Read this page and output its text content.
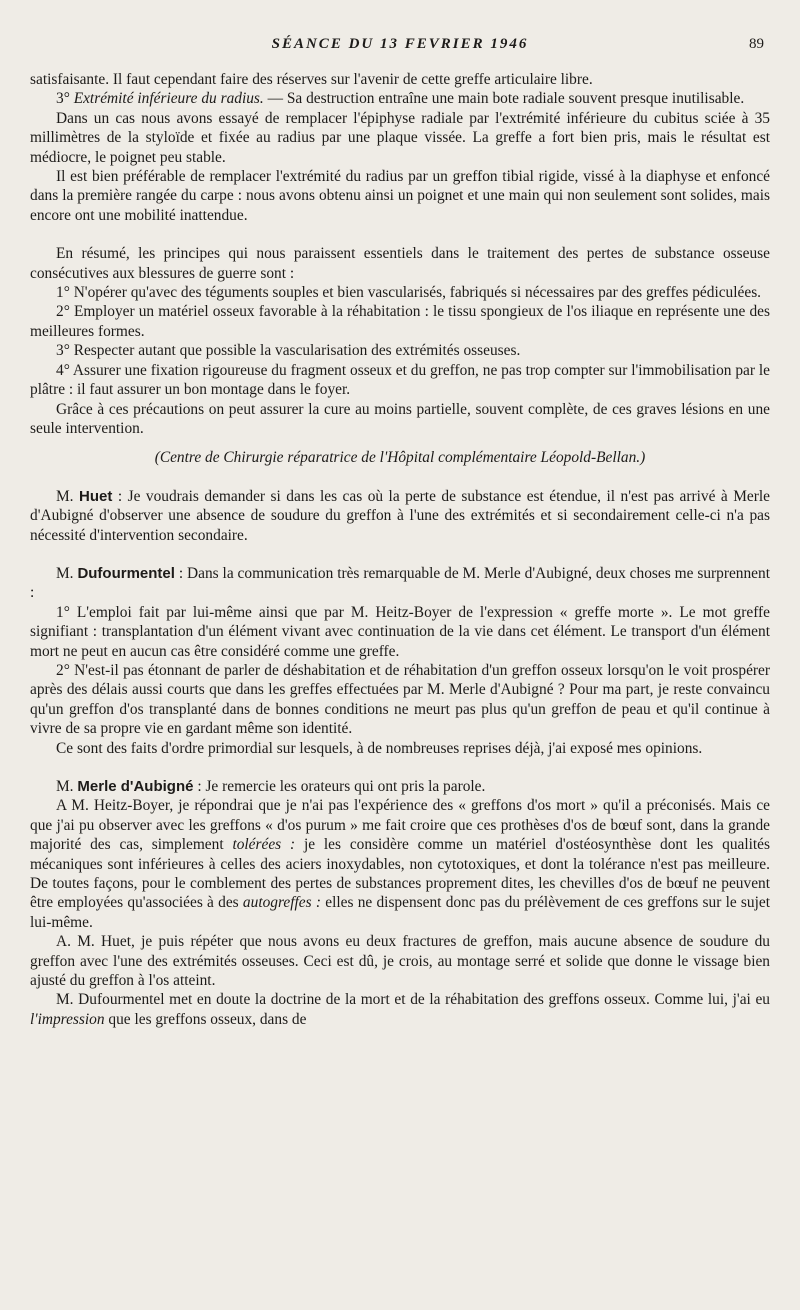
SÉANCE DU 13 FEVRIER 1946	89

satisfaisante. Il faut cependant faire des réserves sur l'avenir de cette greffe articulaire libre.

3° Extrémité inférieure du radius. — Sa destruction entraîne une main bote radiale souvent presque inutilisable.

Dans un cas nous avons essayé de remplacer l'épiphyse radiale par l'extrémité inférieure du cubitus sciée à 35 millimètres de la styloïde et fixée au radius par une plaque vissée. La greffe a fort bien pris, mais le résultat est médiocre, le poignet peu stable.

Il est bien préférable de remplacer l'extrémité du radius par un greffon tibial rigide, vissé à la diaphyse et enfoncé dans la première rangée du carpe : nous avons obtenu ainsi un poignet et une main qui non seulement sont solides, mais encore ont une mobilité inattendue.

En résumé, les principes qui nous paraissent essentiels dans le traitement des pertes de substance osseuse consécutives aux blessures de guerre sont :

1° N'opérer qu'avec des téguments souples et bien vascularisés, fabriqués si nécessaires par des greffes pédiculées.

2° Employer un matériel osseux favorable à la réhabitation : le tissu spongieux de l'os iliaque en représente une des meilleures formes.

3° Respecter autant que possible la vascularisation des extrémités osseuses.

4° Assurer une fixation rigoureuse du fragment osseux et du greffon, ne pas trop compter sur l'immobilisation par le plâtre : il faut assurer un bon montage dans le foyer.

Grâce à ces précautions on peut assurer la cure au moins partielle, souvent complète, de ces graves lésions en une seule intervention.

(Centre de Chirurgie réparatrice de l'Hôpital complémentaire Léopold-Bellan.)

M. Huet : Je voudrais demander si dans les cas où la perte de substance est étendue, il n'est pas arrivé à Merle d'Aubigné d'observer une absence de soudure du greffon à l'une des extrémités et si secondairement celle-ci n'a pas nécessité d'intervention secondaire.

M. Dufourmentel : Dans la communication très remarquable de M. Merle d'Aubigné, deux choses me surprennent :

1° L'emploi fait par lui-même ainsi que par M. Heitz-Boyer de l'expression « greffe morte ». Le mot greffe signifiant : transplantation d'un élément vivant avec continuation de la vie dans cet élément. Le transport d'un élément mort ne peut en aucun cas être considéré comme une greffe.

2° N'est-il pas étonnant de parler de déshabitation et de réhabitation d'un greffon osseux lorsqu'on le voit prospérer après des délais aussi courts que dans les greffes effectuées par M. Merle d'Aubigné ? Pour ma part, je reste convaincu qu'un greffon d'os transplanté dans de bonnes conditions ne meurt pas plus qu'un greffon de peau et qu'il continue à vivre de sa propre vie en gardant même son identité.

Ce sont des faits d'ordre primordial sur lesquels, à de nombreuses reprises déjà, j'ai exposé mes opinions.

M. Merle d'Aubigné : Je remercie les orateurs qui ont pris la parole.

A M. Heitz-Boyer, je répondrai que je n'ai pas l'expérience des « greffons d'os mort » qu'il a préconisés. Mais ce que j'ai pu observer avec les greffons « d'os purum » me fait croire que ces prothèses d'os de bœuf sont, dans la grande majorité des cas, simplement tolérées : je les considère comme un matériel d'ostéosynthèse dont les qualités mécaniques sont inférieures à celles des aciers inoxydables, non cytotoxiques, et dont la tolérance n'est pas meilleure. De toutes façons, pour le comblement des pertes de substances proprement dites, les chevilles d'os de bœuf ne peuvent être employées qu'associées à des autogreffes : elles ne dispensent donc pas du prélèvement de ces greffons sur le sujet lui-même.

A. M. Huet, je puis répéter que nous avons eu deux fractures de greffon, mais aucune absence de soudure du greffon avec l'une des extrémités osseuses. Ceci est dû, je crois, au montage serré et solide que donne le vissage bien ajusté du greffon à l'os atteint.

M. Dufourmentel met en doute la doctrine de la mort et de la réhabitation des greffons osseux. Comme lui, j'ai eu l'impression que les greffons osseux, dans de
